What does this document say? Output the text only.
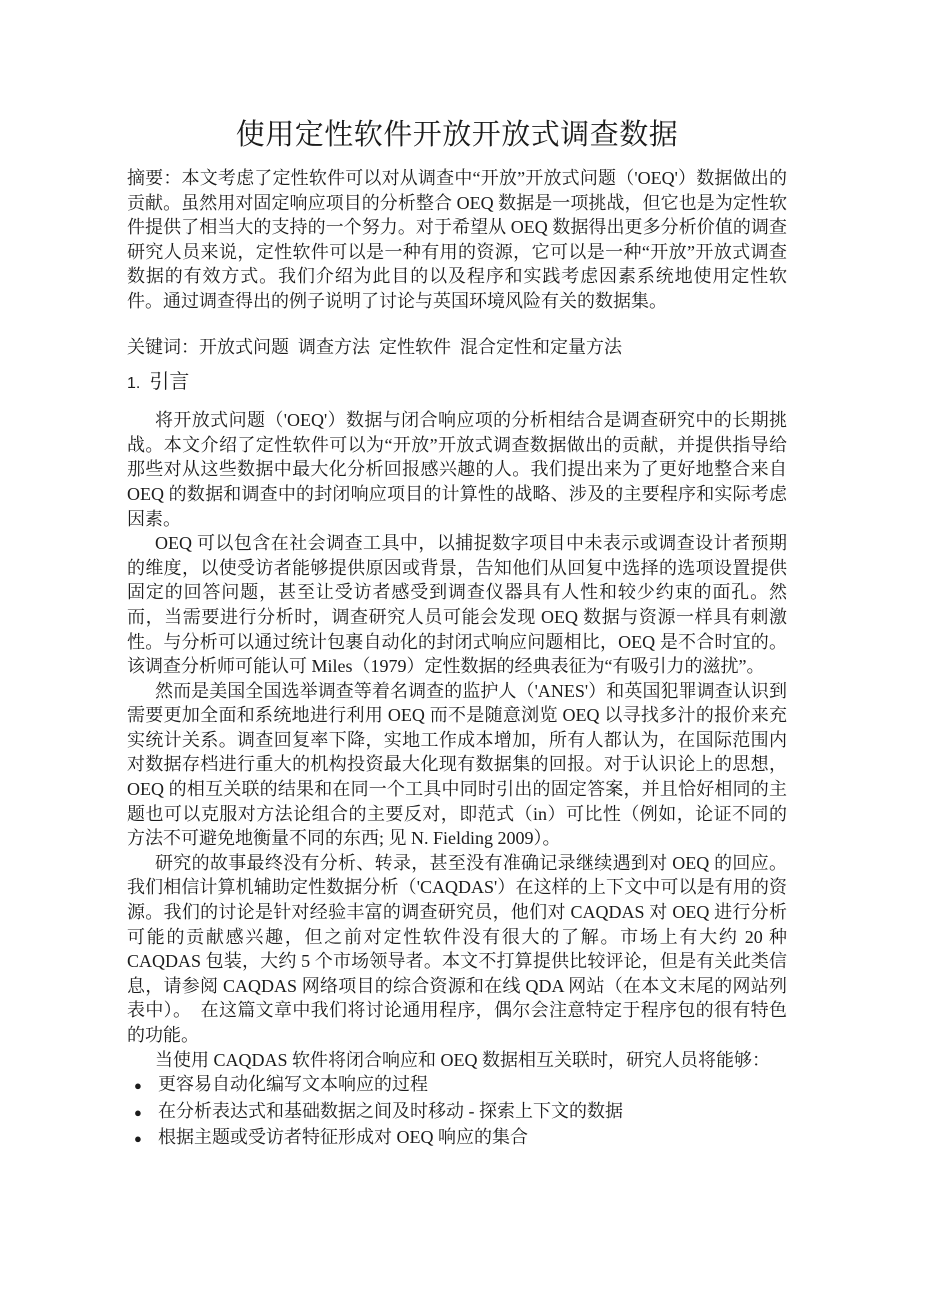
使用定性软件开放开放式调查数据

摘要：本文考虑了定性软件可以对从调查中“开放”开放式问题（'OEQ'）数据做出的贡献。虽然用对固定响应项目的分析整合 OEQ 数据是一项挑战，但它也是为定性软件提供了相当大的支持的一个努力。对于希望从 OEQ 数据得出更多分析价值的调查研究人员来说，定性软件可以是一种有用的资源，它可以是一种“开放”开放式调查数据的有效方式。我们介绍为此目的以及程序和实践考虑因素系统地使用定性软件。通过调查得出的例子说明了讨论与英国环境风险有关的数据集。

关键词：开放式问题 调查方法 定性软件 混合定性和定量方法

1. 引言

将开放式问题（'OEQ'）数据与闭合响应项的分析相结合是调查研究中的长期挑战。本文介绍了定性软件可以为“开放”开放式调查数据做出的贡献，并提供指导给那些对从这些数据中最大化分析回报感兴趣的人。我们提出来为了更好地整合来自 OEQ 的数据和调查中的封闭响应项目的计算性的战略、涉及的主要程序和实际考虑因素。

OEQ 可以包含在社会调查工具中，以捕捉数字项目中未表示或调查设计者预期的维度，以使受访者能够提供原因或背景，告知他们从回复中选择的选项设置提供固定的回答问题，甚至让受访者感受到调查仪器具有人性和较少约束的面孔。然而，当需要进行分析时，调查研究人员可能会发现 OEQ 数据与资源一样具有刺激性。与分析可以通过统计包裹自动化的封闭式响应问题相比，OEQ 是不合时宜的。该调查分析师可能认可 Miles（1979）定性数据的经典表征为“有吸引力的滋扰”。

然而是美国全国选举调查等着名调查的监护人（'ANES'）和英国犯罪调查认识到需要更加全面和系统地进行利用 OEQ 而不是随意浏览 OEQ 以寻找多汁的报价来充实统计关系。调查回复率下降，实地工作成本增加，所有人都认为，在国际范围内对数据存档进行重大的机构投资最大化现有数据集的回报。对于认识论上的思想，OEQ 的相互关联的结果和在同一个工具中同时引出的固定答案，并且恰好相同的主题也可以克服对方法论组合的主要反对，即范式（in）可比性（例如，论证不同的方法不可避免地衡量不同的东西; 见 N. Fielding 2009）。

研究的故事最终没有分析、转录，甚至没有准确记录继续遇到对 OEQ 的回应。我们相信计算机辅助定性数据分析（'CAQDAS'）在这样的上下文中可以是有用的资源。我们的讨论是针对经验丰富的调查研究员，他们对 CAQDAS 对 OEQ 进行分析可能的贡献感兴趣，但之前对定性软件没有很大的了解。市场上有大约 20 种 CAQDAS 包装，大约 5 个市场领导者。本文不打算提供比较评论，但是有关此类信息，请参阅 CAQDAS 网络项目的综合资源和在线 QDA 网站（在本文末尾的网站列表中）。　在这篇文章中我们将讨论通用程序，偶尔会注意特定于程序包的很有特色的功能。

当使用 CAQDAS 软件将闭合响应和 OEQ 数据相互关联时，研究人员将能够：

● 更容易自动化编写文本响应的过程
● 在分析表达式和基础数据之间及时移动 - 探索上下文的数据
● 根据主题或受访者特征形成对 OEQ 响应的集合
